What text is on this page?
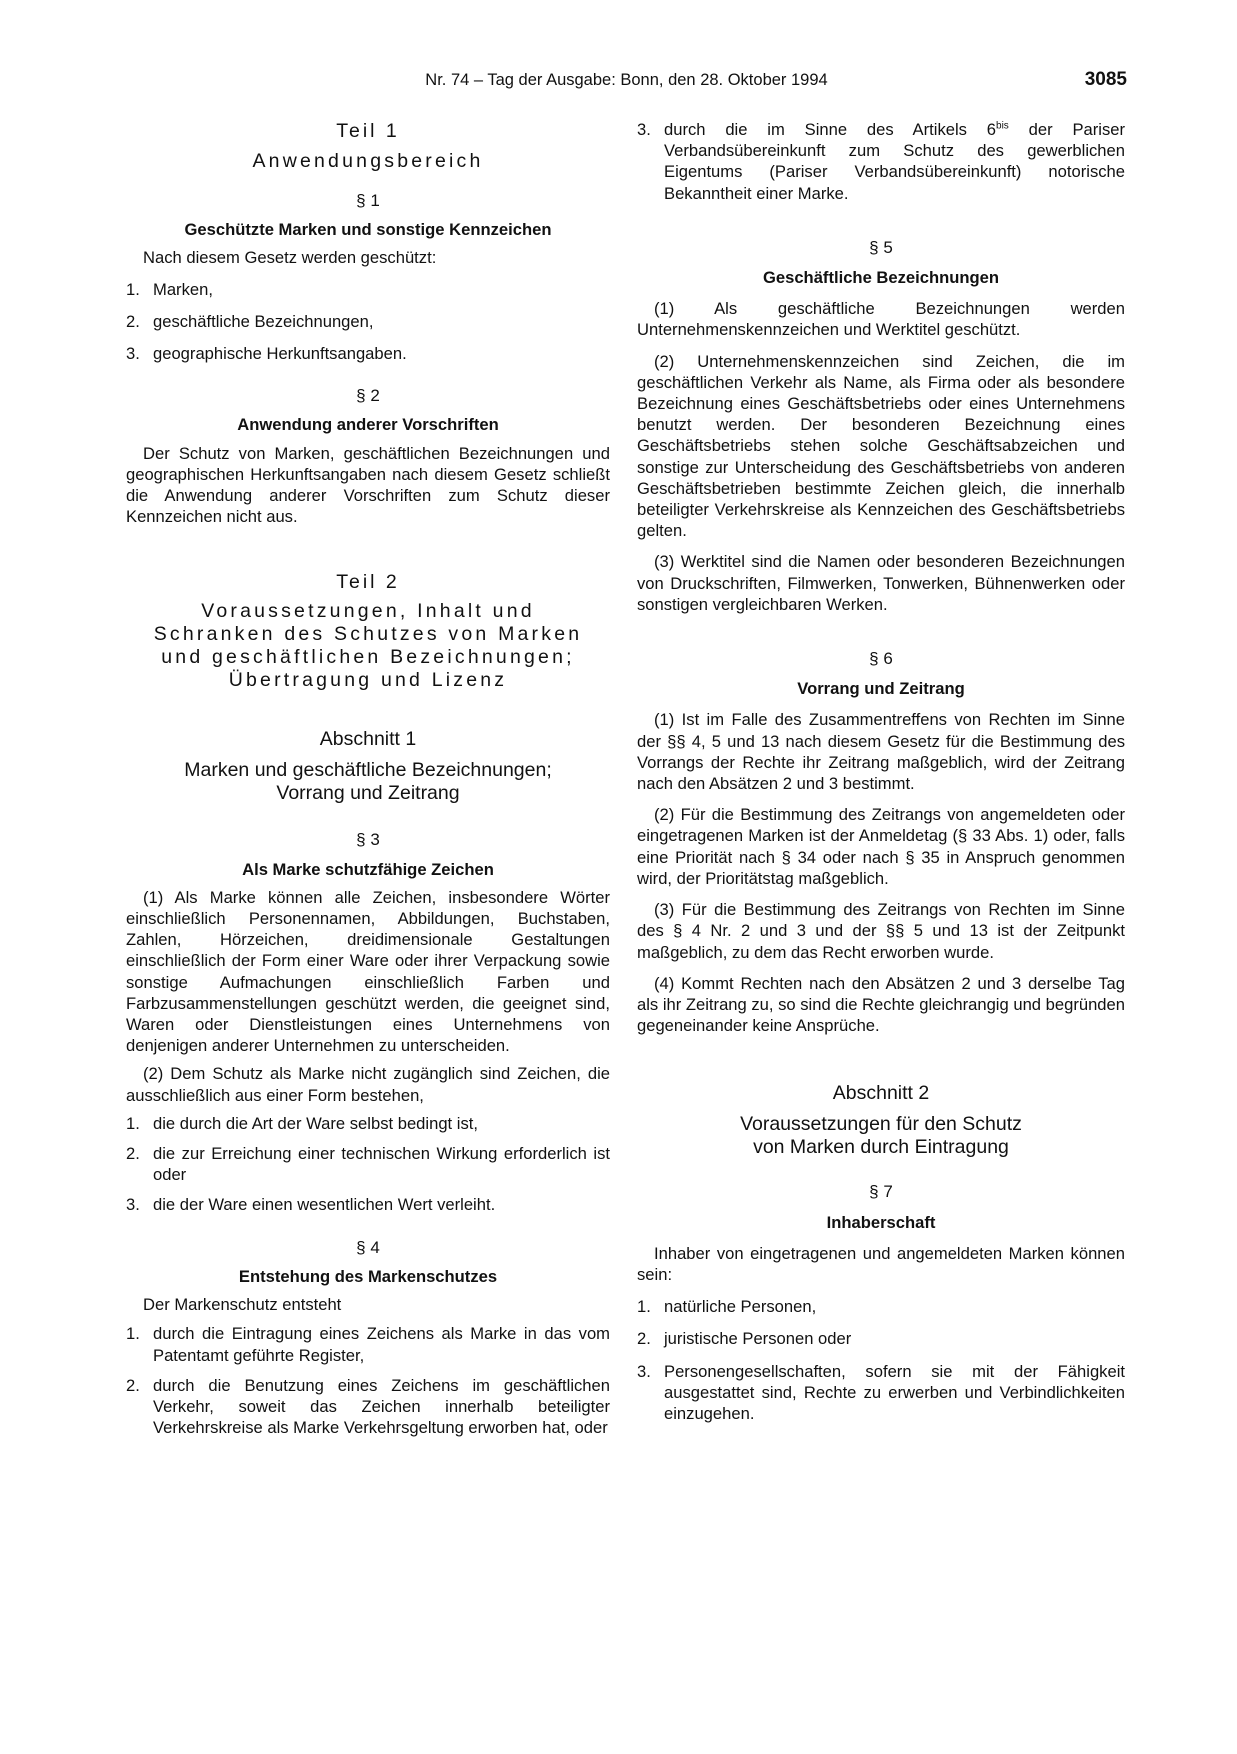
Nr. 74 – Tag der Ausgabe: Bonn, den 28. Oktober 1994	3085
Teil 1
Anwendungsbereich
§ 1
Geschützte Marken und sonstige Kennzeichen
Nach diesem Gesetz werden geschützt:
1. Marken,
2. geschäftliche Bezeichnungen,
3. geographische Herkunftsangaben.
§ 2
Anwendung anderer Vorschriften
Der Schutz von Marken, geschäftlichen Bezeichnungen und geographischen Herkunftsangaben nach diesem Gesetz schließt die Anwendung anderer Vorschriften zum Schutz dieser Kennzeichen nicht aus.
Teil 2
Voraussetzungen, Inhalt und
Schranken des Schutzes von Marken
und geschäftlichen Bezeichnungen;
Übertragung und Lizenz
Abschnitt 1
Marken und geschäftliche Bezeichnungen;
Vorrang und Zeitrang
§ 3
Als Marke schutzfähige Zeichen
(1) Als Marke können alle Zeichen, insbesondere Wörter einschließlich Personennamen, Abbildungen, Buchstaben, Zahlen, Hörzeichen, dreidimensionale Gestaltungen einschließlich der Form einer Ware oder ihrer Verpackung sowie sonstige Aufmachungen einschließlich Farben und Farbzusammenstellungen geschützt werden, die geeignet sind, Waren oder Dienstleistungen eines Unternehmens von denjenigen anderer Unternehmen zu unterscheiden.
(2) Dem Schutz als Marke nicht zugänglich sind Zeichen, die ausschließlich aus einer Form bestehen,
1. die durch die Art der Ware selbst bedingt ist,
2. die zur Erreichung einer technischen Wirkung erforderlich ist oder
3. die der Ware einen wesentlichen Wert verleiht.
§ 4
Entstehung des Markenschutzes
Der Markenschutz entsteht
1. durch die Eintragung eines Zeichens als Marke in das vom Patentamt geführte Register,
2. durch die Benutzung eines Zeichens im geschäftlichen Verkehr, soweit das Zeichen innerhalb beteiligter Verkehrskreise als Marke Verkehrsgeltung erworben hat, oder
3. durch die im Sinne des Artikels $6^{bis}$ der Pariser Verbandsübereinkunft zum Schutz des gewerblichen Eigentums (Pariser Verbandsübereinkunft) notorische Bekanntheit einer Marke.
§ 5
Geschäftliche Bezeichnungen
(1) Als geschäftliche Bezeichnungen werden Unternehmenskennzeichen und Werktitel geschützt.
(2) Unternehmenskennzeichen sind Zeichen, die im geschäftlichen Verkehr als Name, als Firma oder als besondere Bezeichnung eines Geschäftsbetriebs oder eines Unternehmens benutzt werden. Der besonderen Bezeichnung eines Geschäftsbetriebs stehen solche Geschäftsabzeichen und sonstige zur Unterscheidung des Geschäftsbetriebs von anderen Geschäftsbetrieben bestimmte Zeichen gleich, die innerhalb beteiligter Verkehrskreise als Kennzeichen des Geschäftsbetriebs gelten.
(3) Werktitel sind die Namen oder besonderen Bezeichnungen von Druckschriften, Filmwerken, Tonwerken, Bühnenwerken oder sonstigen vergleichbaren Werken.
§ 6
Vorrang und Zeitrang
(1) Ist im Falle des Zusammentreffens von Rechten im Sinne der §§ 4, 5 und 13 nach diesem Gesetz für die Bestimmung des Vorrangs der Rechte ihr Zeitrang maßgeblich, wird der Zeitrang nach den Absätzen 2 und 3 bestimmt.
(2) Für die Bestimmung des Zeitrangs von angemeldeten oder eingetragenen Marken ist der Anmeldetag (§ 33 Abs. 1) oder, falls eine Priorität nach § 34 oder nach § 35 in Anspruch genommen wird, der Prioritätstag maßgeblich.
(3) Für die Bestimmung des Zeitrangs von Rechten im Sinne des § 4 Nr. 2 und 3 und der §§ 5 und 13 ist der Zeitpunkt maßgeblich, zu dem das Recht erworben wurde.
(4) Kommt Rechten nach den Absätzen 2 und 3 derselbe Tag als ihr Zeitrang zu, so sind die Rechte gleichrangig und begründen gegeneinander keine Ansprüche.
Abschnitt 2
Voraussetzungen für den Schutz
von Marken durch Eintragung
§ 7
Inhaberschaft
Inhaber von eingetragenen und angemeldeten Marken können sein:
1. natürliche Personen,
2. juristische Personen oder
3. Personengesellschaften, sofern sie mit der Fähigkeit ausgestattet sind, Rechte zu erwerben und Verbindlichkeiten einzugehen.
